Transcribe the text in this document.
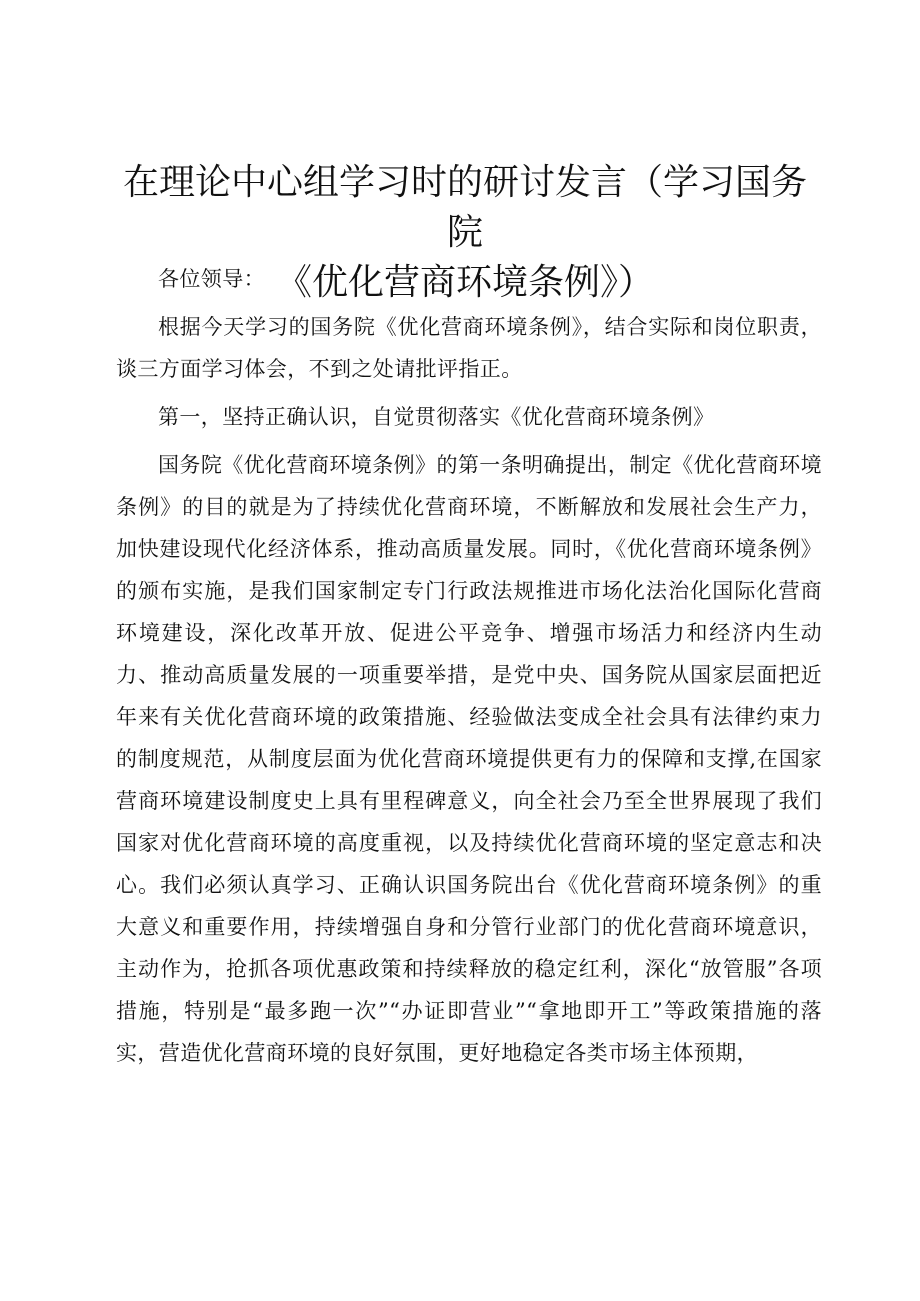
在理论中心组学习时的研讨发言（学习国务院
《优化营商环境条例》）

各位领导：

根据今天学习的国务院《优化营商环境条例》，结合实际和岗位职责，谈三方面学习体会，不到之处请批评指正。

第一，坚持正确认识，自觉贯彻落实《优化营商环境条例》

国务院《优化营商环境条例》的第一条明确提出，制定《优化营商环境条例》的目的就是为了持续优化营商环境，不断解放和发展社会生产力，加快建设现代化经济体系，推动高质量发展。同时，《优化营商环境条例》的颁布实施，是我们国家制定专门行政法规推进市场化法治化国际化营商环境建设，深化改革开放、促进公平竞争、增强市场活力和经济内生动力、推动高质量发展的一项重要举措，是党中央、国务院从国家层面把近年来有关优化营商环境的政策措施、经验做法变成全社会具有法律约束力的制度规范，从制度层面为优化营商环境提供更有力的保障和支撑,在国家营商环境建设制度史上具有里程碑意义，向全社会乃至全世界展现了我们国家对优化营商环境的高度重视，以及持续优化营商环境的坚定意志和决心。我们必须认真学习、正确认识国务院出台《优化营商环境条例》的重大意义和重要作用，持续增强自身和分管行业部门的优化营商环境意识，主动作为，抢抓各项优惠政策和持续释放的稳定红利，深化“放管服”各项措施，特别是“最多跑一次”“办证即营业”“拿地即开工”等政策措施的落实，营造优化营商环境的良好氛围，更好地稳定各类市场主体预期，
